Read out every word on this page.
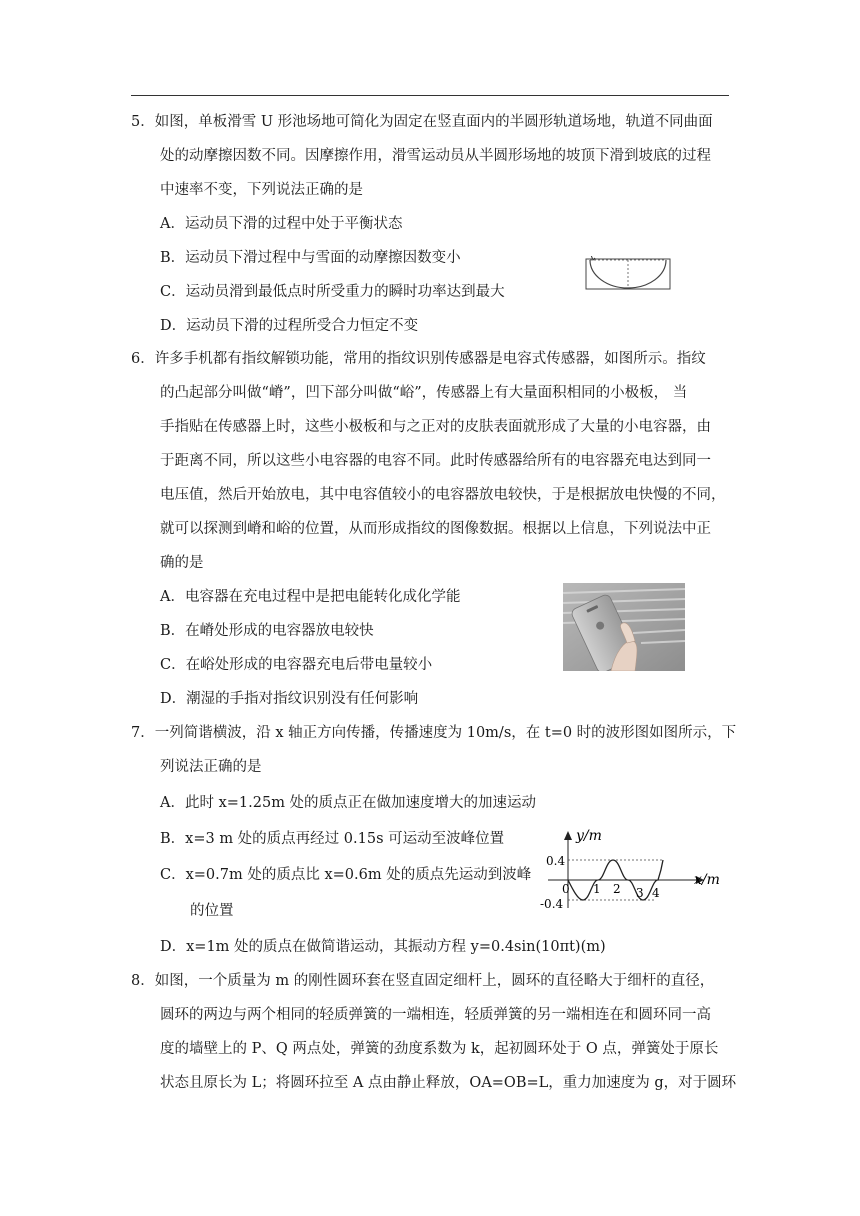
5．如图，单板滑雪 U 形池场地可简化为固定在竖直面内的半圆形轨道场地，轨道不同曲面
处的动摩擦因数不同。因摩擦作用，滑雪运动员从半圆形场地的坡顶下滑到坡底的过程
中速率不变，下列说法正确的是
A．运动员下滑的过程中处于平衡状态
B．运动员下滑过程中与雪面的动摩擦因数变小
C．运动员滑到最低点时所受重力的瞬时功率达到最大
D．运动员下滑的过程所受合力恒定不变
6．许多手机都有指纹解锁功能，常用的指纹识别传感器是电容式传感器，如图所示。指纹
的凸起部分叫做“嵴”，凹下部分叫做“峪”，传感器上有大量面积相同的小极板， 当
手指贴在传感器上时，这些小极板和与之正对的皮肤表面就形成了大量的小电容器，由
于距离不同，所以这些小电容器的电容不同。此时传感器给所有的电容器充电达到同一
电压值，然后开始放电，其中电容值较小的电容器放电较快，于是根据放电快慢的不同，
就可以探测到嵴和峪的位置，从而形成指纹的图像数据。根据以上信息，下列说法中正
确的是
A．电容器在充电过程中是把电能转化成化学能
B．在嵴处形成的电容器放电较快
C．在峪处形成的电容器充电后带电量较小
D．潮湿的手指对指纹识别没有任何影响
7．一列简谐横波，沿 x 轴正方向传播，传播速度为 10m/s，在 t=0 时的波形图如图所示，下
列说法正确的是
A．此时 x=1.25m 处的质点正在做加速度增大的加速运动
B．x=3 m 处的质点再经过 0.15s 可运动至波峰位置
C．x=0.7m 处的质点比 x=0.6m 处的质点先运动到波峰
的位置
D．x=1m 处的质点在做简谐运动，其振动方程 y=0.4sin(10πt)(m)
y/m
x/m
0.4
-0.4
0 1 2 3 4
8．如图，一个质量为 m 的刚性圆环套在竖直固定细杆上，圆环的直径略大于细杆的直径，
圆环的两边与两个相同的轻质弹簧的一端相连，轻质弹簧的另一端相连在和圆环同一高
度的墙壁上的 P、Q 两点处，弹簧的劲度系数为 k，起初圆环处于 O 点，弹簧处于原长
状态且原长为 L；将圆环拉至 A 点由静止释放，OA=OB=L，重力加速度为 g，对于圆环
